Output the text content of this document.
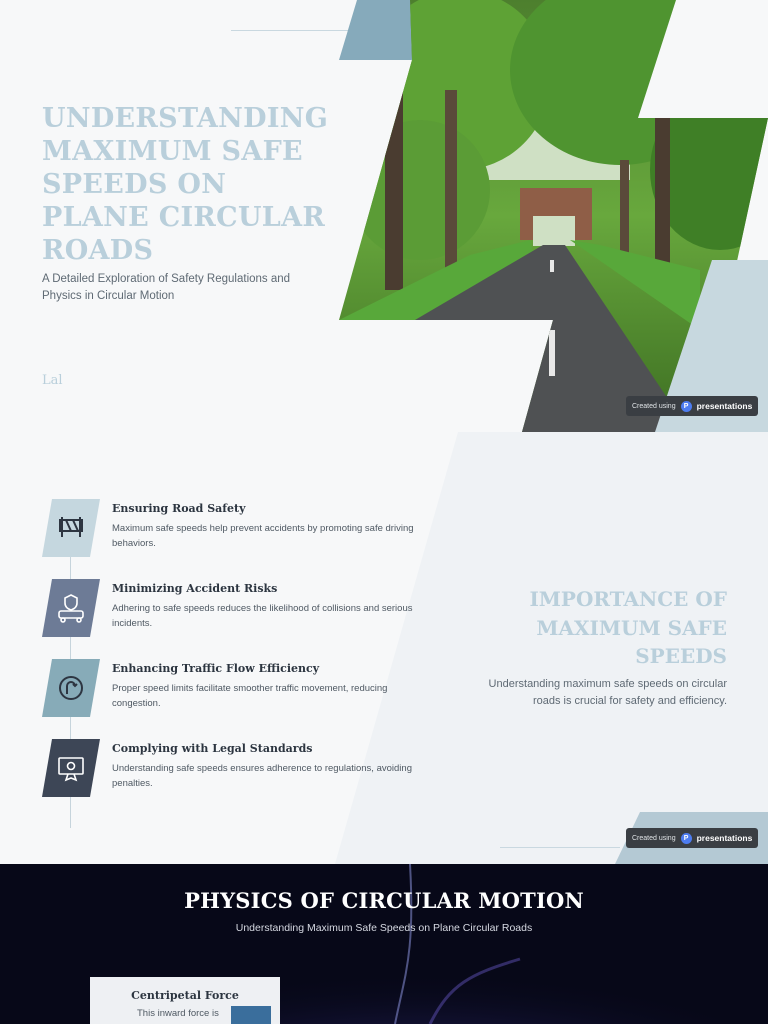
UNDERSTANDING MAXIMUM SAFE SPEEDS ON PLANE CIRCULAR ROADS

A Detailed Exploration of Safety Regulations and Physics in Circular Motion

Lal
Created using	P presentations
Ensuring Road Safety

Maximum safe speeds help prevent accidents by promoting safe driving behaviors.

Minimizing Accident Risks

Adhering to safe speeds reduces the likelihood of collisions and serious incidents.

Enhancing Traffic Flow Efficiency

Proper speed limits facilitate smoother traffic movement, reducing congestion.

Complying with Legal Standards

Understanding safe speeds ensures adherence to regulations, avoiding penalties.

IMPORTANCE OF MAXIMUM SAFE SPEEDS

Understanding maximum safe speeds on circular roads is crucial for safety and efficiency.

Created using	P presentations
PHYSICS OF CIRCULAR MOTION

Understanding Maximum Safe Speeds on Plane Circular Roads

Centripetal Force

This inward force is
